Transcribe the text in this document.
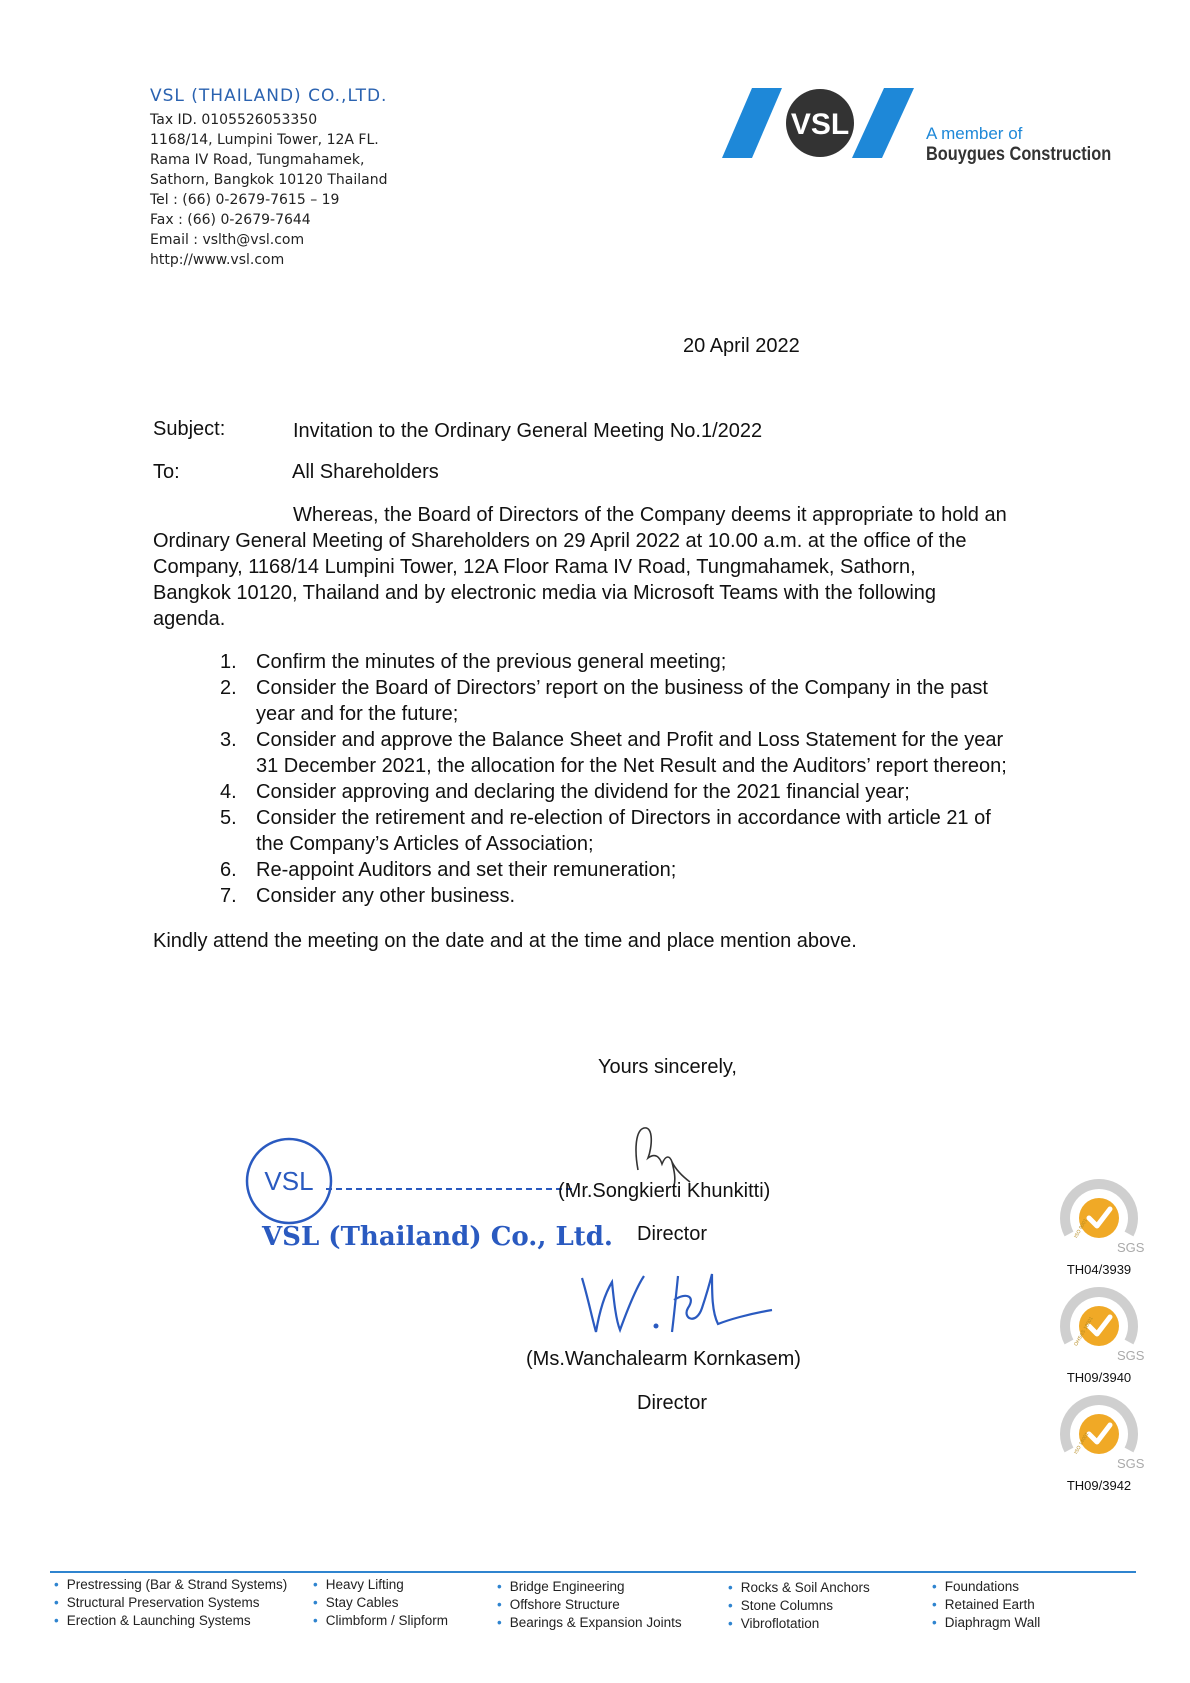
VSL (THAILAND) CO.,LTD.
Tax ID. 0105526053350
1168/14, Lumpini Tower, 12A FL.
Rama IV Road, Tungmahamek,
Sathorn, Bangkok 10120 Thailand
Tel : (66) 0-2679-7615 – 19
Fax : (66) 0-2679-7644
Email : vslth@vsl.com
http://www.vsl.com
VSL	A member of
Bouygues Construction
20 April 2022
Subject:	Invitation to the Ordinary General Meeting No.1/2022
To:	All Shareholders
Whereas, the Board of Directors of the Company deems it appropriate to hold an
Ordinary General Meeting of Shareholders on 29 April 2022 at 10.00 a.m. at the office of the
Company, 1168/14 Lumpini Tower, 12A Floor Rama IV Road, Tungmahamek, Sathorn,
Bangkok 10120, Thailand and by electronic media via Microsoft Teams with the following
agenda.
1. Confirm the minutes of the previous general meeting;
2. Consider the Board of Directors’ report on the business of the Company in the past
year and for the future;
3. Consider and approve the Balance Sheet and Profit and Loss Statement for the year
31 December 2021, the allocation for the Net Result and the Auditors’ report thereon;
4. Consider approving and declaring the dividend for the 2021 financial year;
5. Consider the retirement and re-election of Directors in accordance with article 21 of
the Company’s Articles of Association;
6. Re-appoint Auditors and set their remuneration;
7. Consider any other business.
Kindly attend the meeting on the date and at the time and place mention above.
Yours sincerely,
VSL
VSL (Thailand) Co., Ltd.
(Mr.Songkierti Khunkitti)
Director
(Ms.Wanchalearm Kornkasem)
Director
SGS
ISO 9001
TH04/3939
SGS
OHSAS 18001
TH09/3940
SGS
ISO 14001
TH09/3942
• Prestressing (Bar & Strand Systems)
• Structural Preservation Systems
• Erection & Launching Systems
• Heavy Lifting
• Stay Cables
• Climbform / Slipform
• Bridge Engineering
• Offshore Structure
• Bearings & Expansion Joints
• Rocks & Soil Anchors
• Stone Columns
• Vibroflotation
• Foundations
• Retained Earth
• Diaphragm Wall
